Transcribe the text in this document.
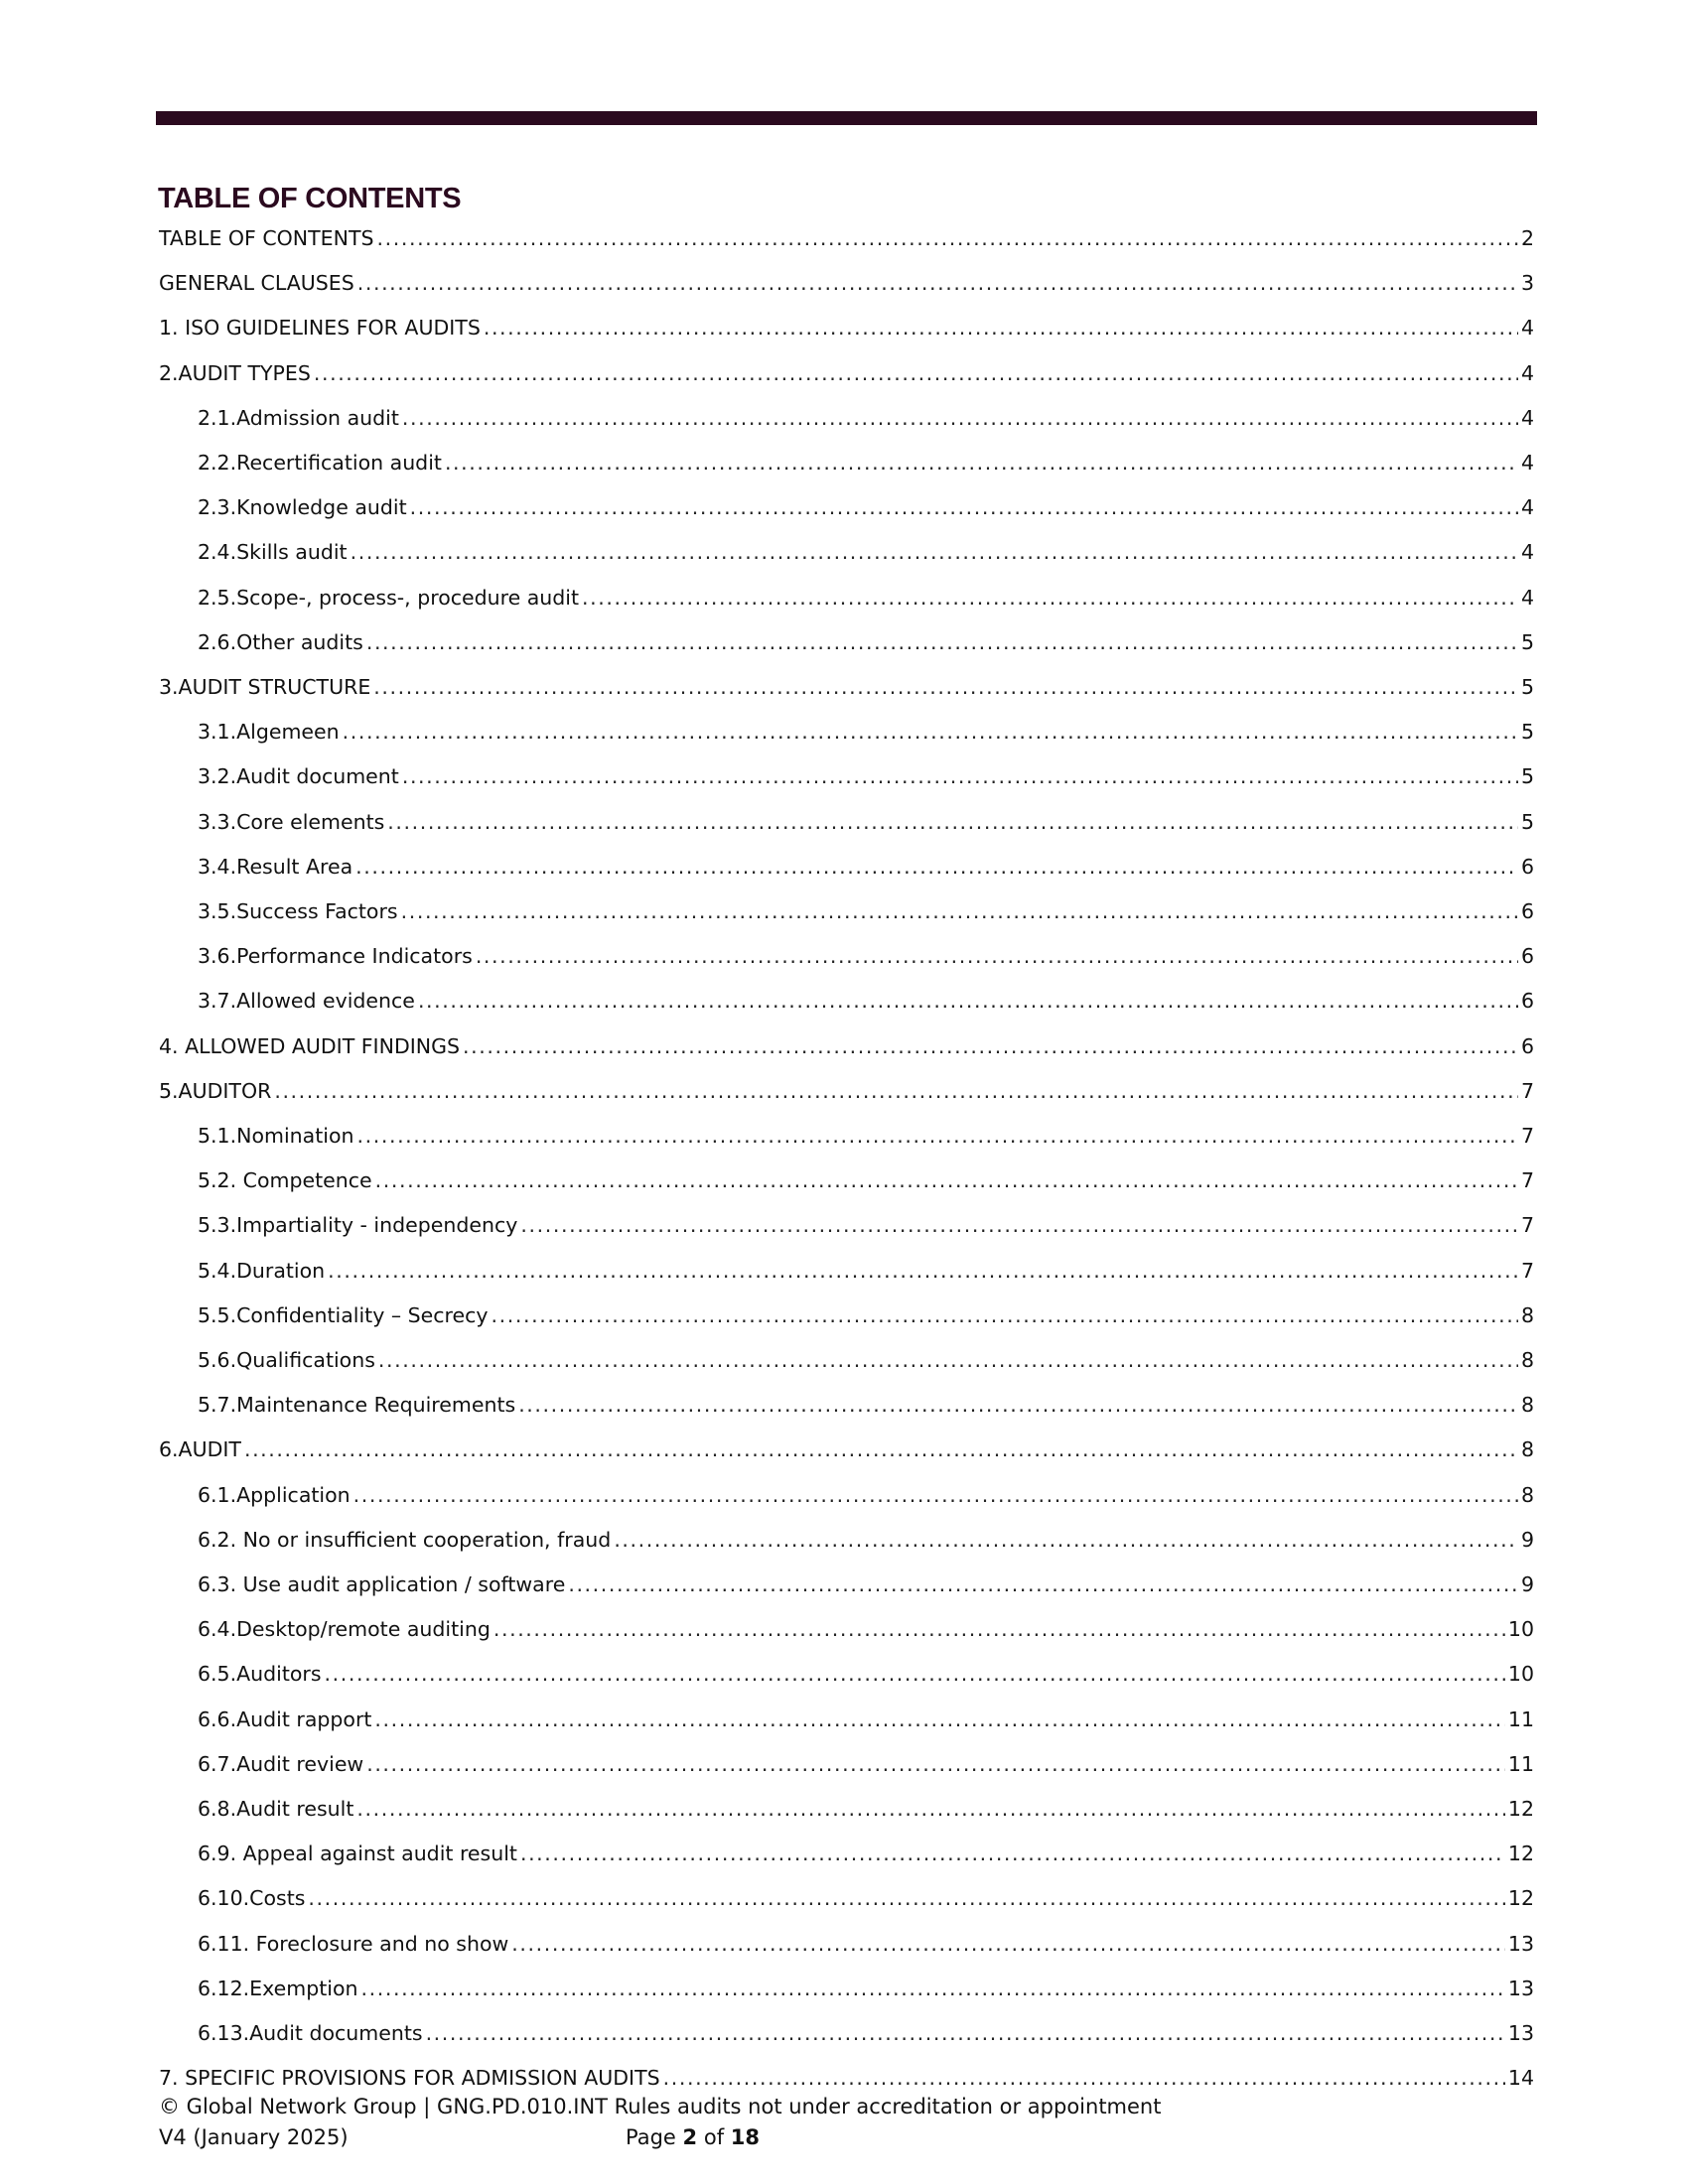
TABLE OF CONTENTS
TABLE OF CONTENTS .....	2
GENERAL CLAUSES .....	3
1. ISO GUIDELINES FOR AUDITS .....	4
2.AUDIT TYPES .....	4
2.1.Admission audit .....	4
2.2.Recertification audit .....	4
2.3.Knowledge audit .....	4
2.4.Skills audit .....	4
2.5.Scope-, process-, procedure audit .....	4
2.6.Other audits .....	5
3.AUDIT STRUCTURE .....	5
3.1.Algemeen .....	5
3.2.Audit document .....	5
3.3.Core elements .....	5
3.4.Result Area .....	6
3.5.Success Factors .....	6
3.6.Performance Indicators .....	6
3.7.Allowed evidence .....	6
4. ALLOWED AUDIT FINDINGS .....	6
5.AUDITOR .....	7
5.1.Nomination .....	7
5.2. Competence .....	7
5.3.Impartiality - independency .....	7
5.4.Duration .....	7
5.5.Confidentiality – Secrecy .....	8
5.6.Qualifications .....	8
5.7.Maintenance Requirements .....	8
6.AUDIT .....	8
6.1.Application .....	8
6.2. No or insufficient cooperation, fraud .....	9
6.3. Use audit application / software .....	9
6.4.Desktop/remote auditing .....	10
6.5.Auditors .....	10
6.6.Audit rapport .....	11
6.7.Audit review .....	11
6.8.Audit result .....	12
6.9. Appeal against audit result .....	12
6.10.Costs .....	12
6.11. Foreclosure and no show .....	13
6.12.Exemption .....	13
6.13.Audit documents .....	13
7. SPECIFIC PROVISIONS FOR ADMISSION AUDITS .....	14
© Global Network Group | GNG.PD.010.INT Rules audits not under accreditation or appointment
V4 (January 2025)	Page 2 of 18
